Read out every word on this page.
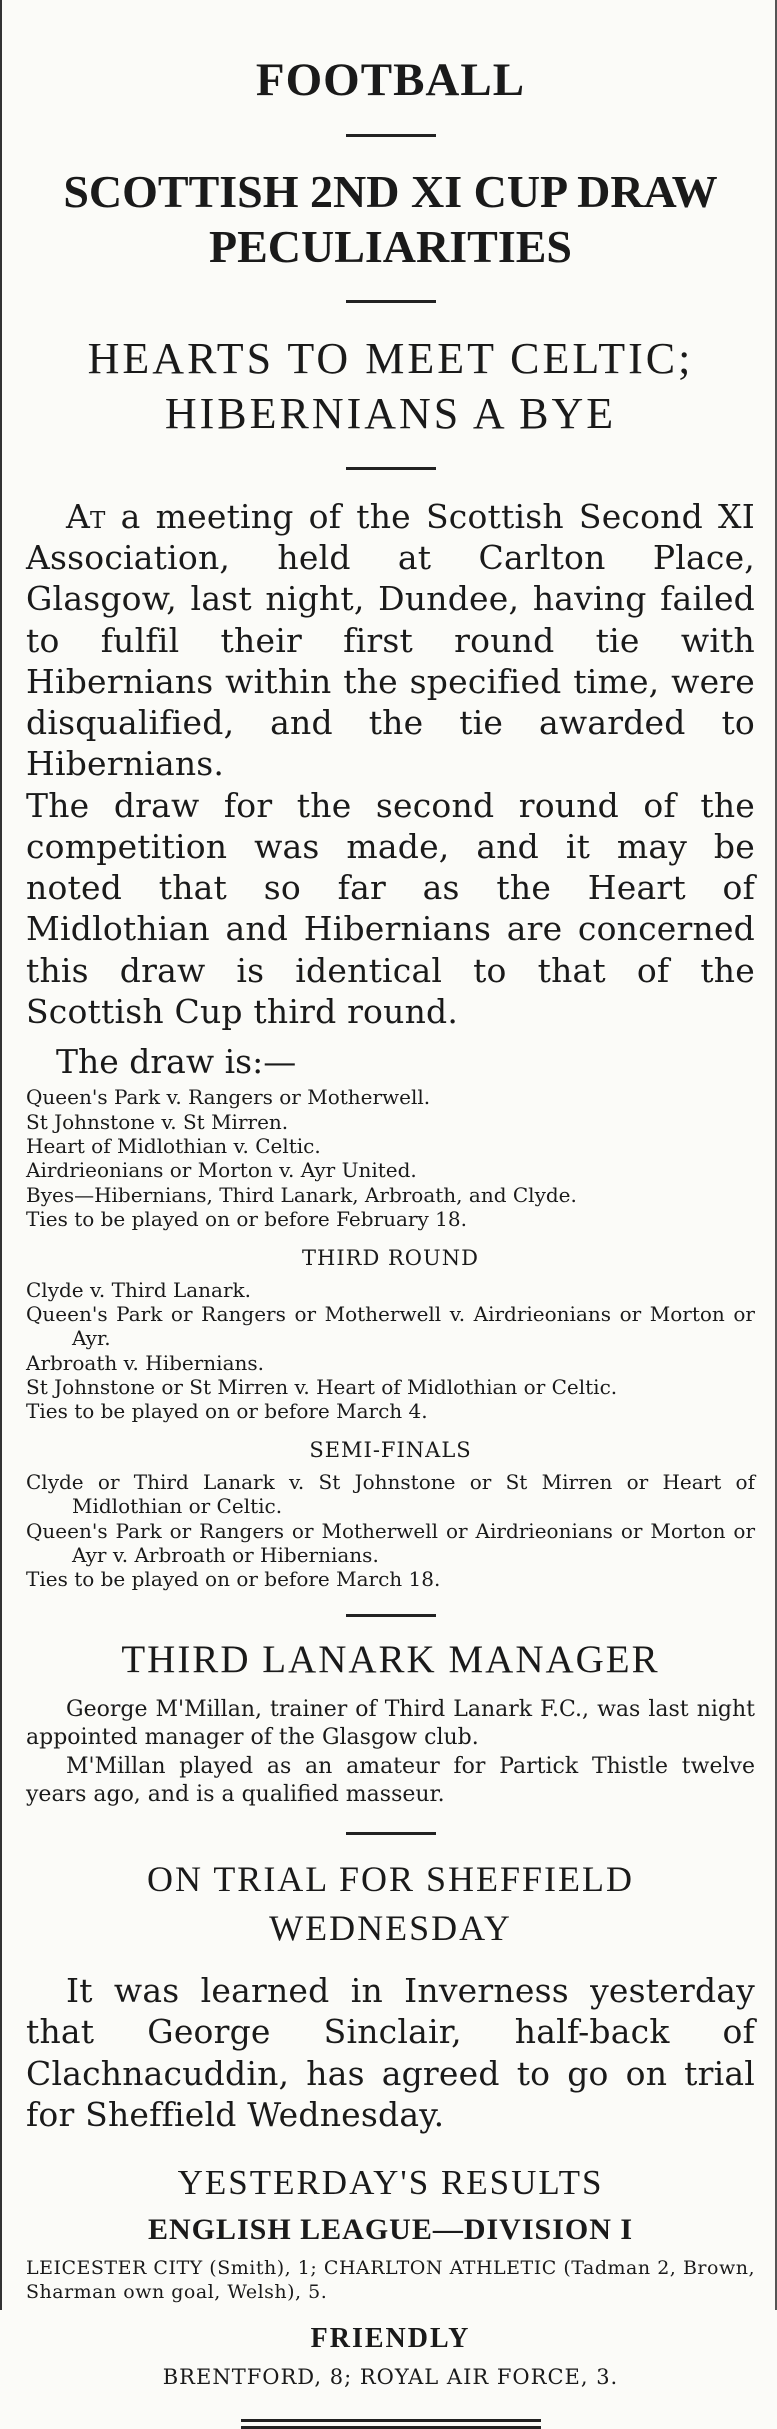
FOOTBALL
SCOTTISH 2ND XI CUP DRAW
PECULIARITIES
HEARTS TO MEET CELTIC;
HIBERNIANS A BYE

At a meeting of the Scottish Second XI Association, held at Carlton Place, Glasgow, last night, Dundee, having failed to fulfil their first round tie with Hibernians within the specified time, were disqualified, and the tie awarded to Hibernians.

The draw for the second round of the competition was made, and it may be noted that so far as the Heart of Midlothian and Hibernians are concerned this draw is identical to that of the Scottish Cup third round.

The draw is:—

Queen's Park v. Rangers or Motherwell.

St Johnstone v. St Mirren.

Heart of Midlothian v. Celtic.

Airdrieonians or Morton v. Ayr United.

Byes—Hibernians, Third Lanark, Arbroath, and Clyde.

Ties to be played on or before February 18.

THIRD ROUND

Clyde v. Third Lanark.

Queen's Park or Rangers or Motherwell v. Airdrieonians or Morton or Ayr.

Arbroath v. Hibernians.

St Johnstone or St Mirren v. Heart of Midlothian or Celtic.

Ties to be played on or before March 4.

SEMI-FINALS

Clyde or Third Lanark v. St Johnstone or St Mirren or Heart of Midlothian or Celtic.

Queen's Park or Rangers or Motherwell or Airdrieonians or Morton or Ayr v. Arbroath or Hibernians.

Ties to be played on or before March 18.

THIRD LANARK MANAGER

George M'Millan, trainer of Third Lanark F.C., was last night appointed manager of the Glasgow club.

M'Millan played as an amateur for Partick Thistle twelve years ago, and is a qualified masseur.

ON TRIAL FOR SHEFFIELD
WEDNESDAY

It was learned in Inverness yesterday that George Sinclair, half-back of Clachnacuddin, has agreed to go on trial for Sheffield Wednesday.

YESTERDAY'S RESULTS
ENGLISH LEAGUE—DIVISION I

LEICESTER CITY (Smith), 1; CHARLTON ATHLETIC (Tadman 2, Brown, Sharman own goal, Welsh), 5.

FRIENDLY

BRENTFORD, 8; ROYAL AIR FORCE, 3.
